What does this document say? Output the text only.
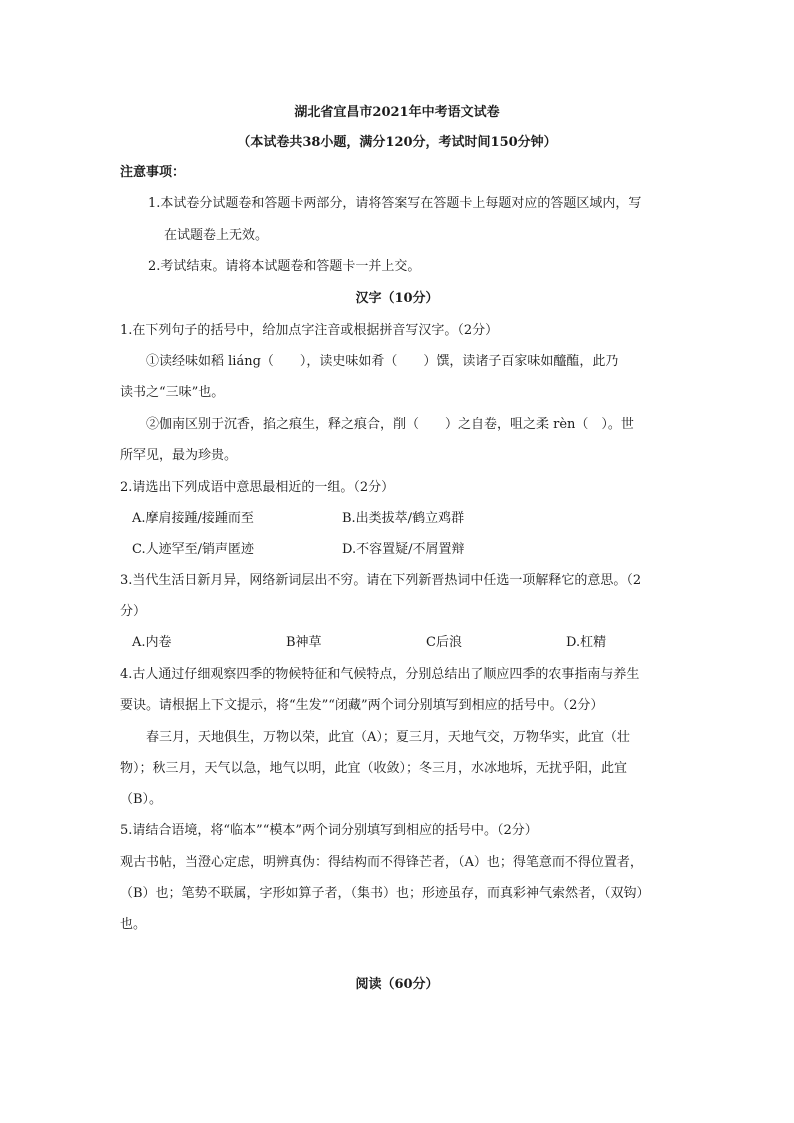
湖北省宜昌市2021年中考语文试卷
（本试卷共38小题，满分120分，考试时间150分钟）
注意事项：
1.本试卷分试题卷和答题卡两部分，请将答案写在答题卡上每题对应的答题区域内，写
在试题卷上无效。
2.考试结束。请将本试题卷和答题卡一并上交。
汉字（10分）
1.在下列句子的括号中，给加点字注音或根据拼音写汉字。（2分）
①读经味如稻 liáng（　　），读史味如肴（　　）馔，读诸子百家味如醯醢，此乃
读书之“三味”也。
②伽南区别于沉香，掐之痕生，释之痕合，削（　　）之自卷，咀之柔 rèn（　）。世
所罕见，最为珍贵。
2.请选出下列成语中意思最相近的一组。（2分）
A.摩肩接踵/接踵而至	B.出类拔萃/鹤立鸡群
C.人迹罕至/销声匿迹	D.不容置疑/不屑置辩
3.当代生活日新月异，网络新词层出不穷。请在下列新晋热词中任选一项解释它的意思。（2
分）
A.内卷	B神草	C后浪	D.杠精
4.古人通过仔细观察四季的物候特征和气候特点，分别总结出了顺应四季的农事指南与养生
要诀。请根据上下文提示，将“生发”“闭藏”两个词分别填写到相应的括号中。（2分）
春三月，天地俱生，万物以荣，此宜（A）；夏三月，天地气交，万物华实，此宜（壮
物）；秋三月，天气以急，地气以明，此宜（收敛）；冬三月，水冰地坼，无扰乎阳，此宜
（B）。
5.请结合语境，将“临本”“模本”两个词分别填写到相应的括号中。（2分）
观古书帖，当澄心定虑，明辨真伪：得结构而不得锋芒者，（A）也；得笔意而不得位置者，
（B）也；笔势不联属，字形如算子者，（集书）也；形迹虽存，而真彩神气索然者，（双钩）
也。
阅读（60分）
